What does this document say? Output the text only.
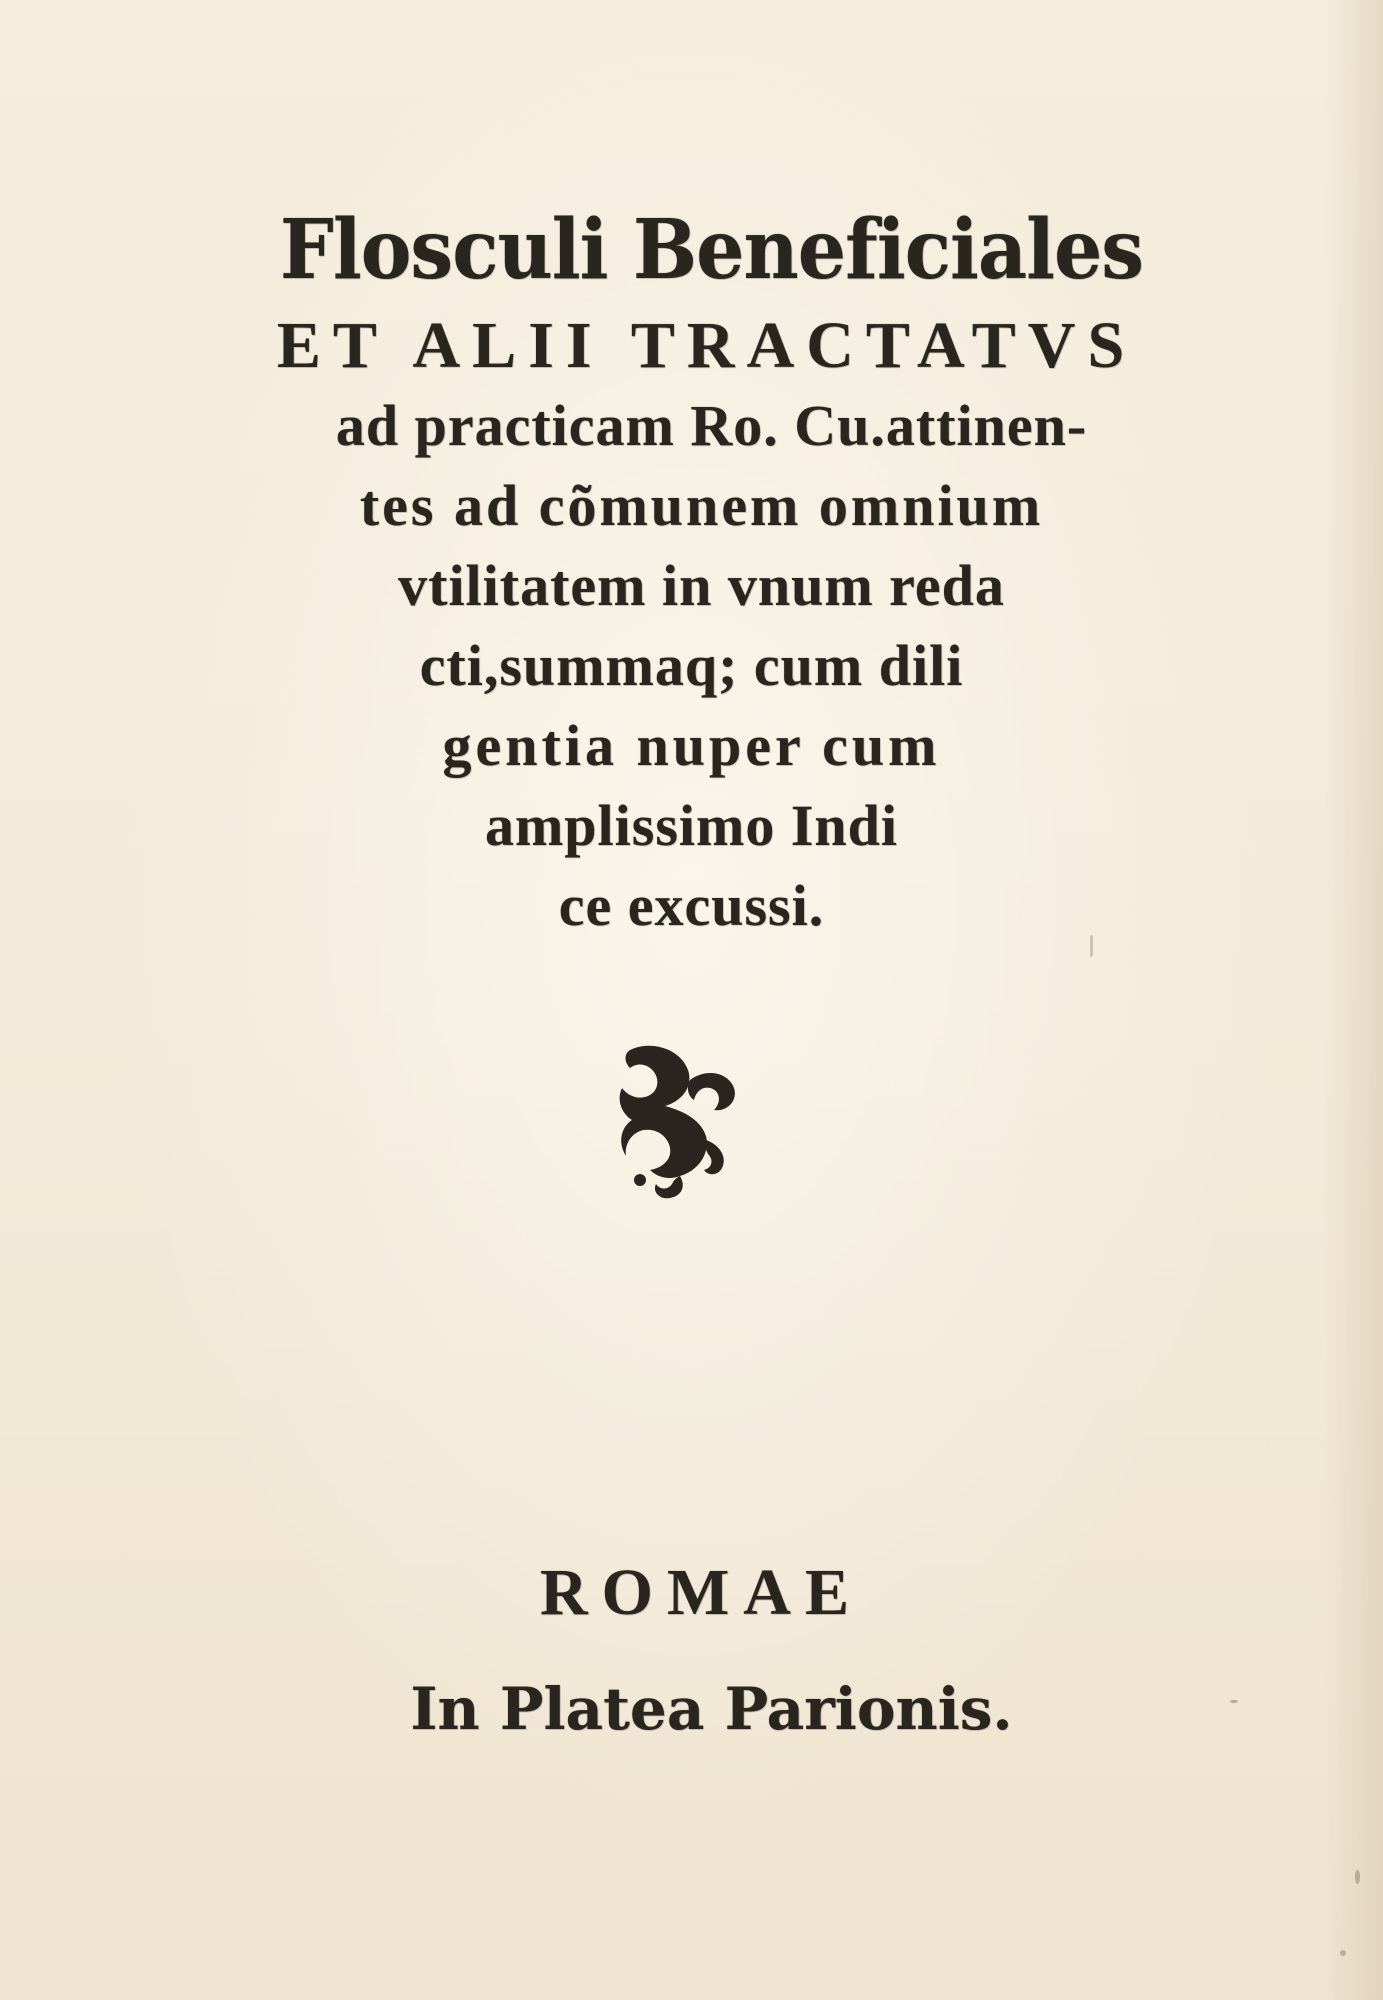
Flosculi Beneficiales
ET ALII TRACTATVS
ad practicam Ro. Cu.attinen-
tes ad cõmunem omnium
vtilitatem in vnum reda
cti,summaq; cum dili
gentia nuper cum
amplissimo Indi
ce excussi.
ROMAE
In Platea Parionis.
